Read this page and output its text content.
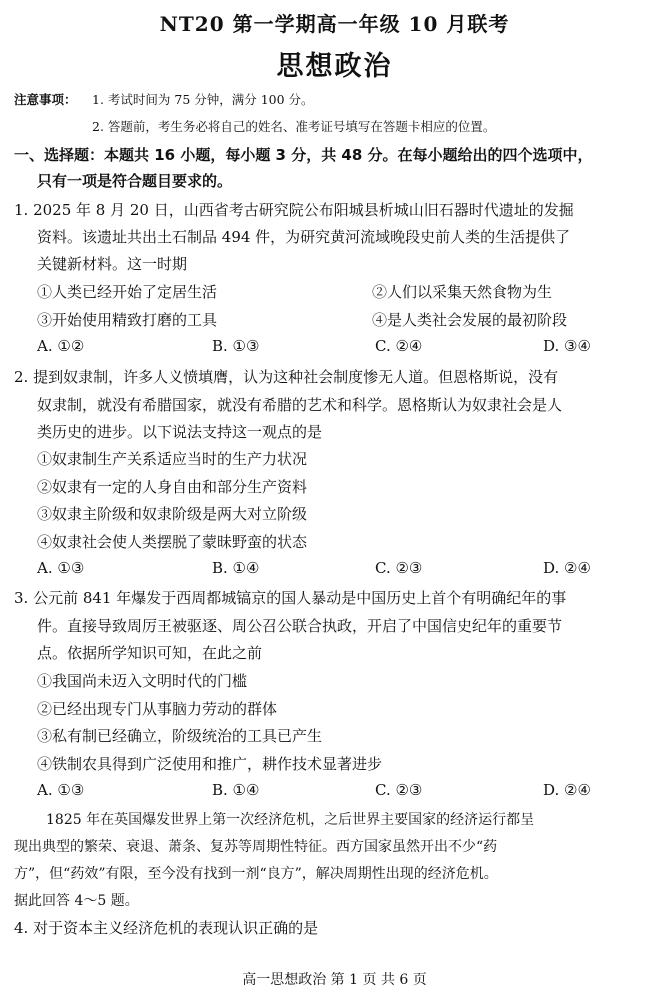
NT20 第一学期高一年级 10 月联考
思想政治
注意事项： 1. 考试时间为 75 分钟，满分 100 分。
2. 答题前，考生务必将自己的姓名、准考证号填写在答题卡相应的位置。
一、选择题：本题共 16 小题，每小题 3 分，共 48 分。在每小题给出的四个选项中，
只有一项是符合题目要求的。
1. 2025 年 8 月 20 日，山西省考古研究院公布阳城县析城山旧石器时代遗址的发掘
资料。该遗址共出土石制品 494 件，为研究黄河流域晚段史前人类的生活提供了
关键新材料。这一时期
①人类已经开始了定居生活	②人们以采集天然食物为生
③开始使用精致打磨的工具	④是人类社会发展的最初阶段
A. ①②	B. ①③	C. ②④	D. ③④
2. 提到奴隶制，许多人义愤填膺，认为这种社会制度惨无人道。但恩格斯说，没有
奴隶制，就没有希腊国家，就没有希腊的艺术和科学。恩格斯认为奴隶社会是人
类历史的进步。以下说法支持这一观点的是
①奴隶制生产关系适应当时的生产力状况
②奴隶有一定的人身自由和部分生产资料
③奴隶主阶级和奴隶阶级是两大对立阶级
④奴隶社会使人类摆脱了蒙昧野蛮的状态
A. ①③	B. ①④	C. ②③	D. ②④
3. 公元前 841 年爆发于西周都城镐京的国人暴动是中国历史上首个有明确纪年的事
件。直接导致周厉王被驱逐、周公召公联合执政，开启了中国信史纪年的重要节
点。依据所学知识可知，在此之前
①我国尚未迈入文明时代的门槛
②已经出现专门从事脑力劳动的群体
③私有制已经确立，阶级统治的工具已产生
④铁制农具得到广泛使用和推广，耕作技术显著进步
A. ①③	B. ①④	C. ②③	D. ②④
1825 年在英国爆发世界上第一次经济危机，之后世界主要国家的经济运行都呈
现出典型的繁荣、衰退、萧条、复苏等周期性特征。西方国家虽然开出不少“药
方”，但“药效”有限，至今没有找到一剂“良方”，解决周期性出现的经济危机。
据此回答 4～5 题。
4. 对于资本主义经济危机的表现认识正确的是
高一思想政治 第 1 页 共 6 页
